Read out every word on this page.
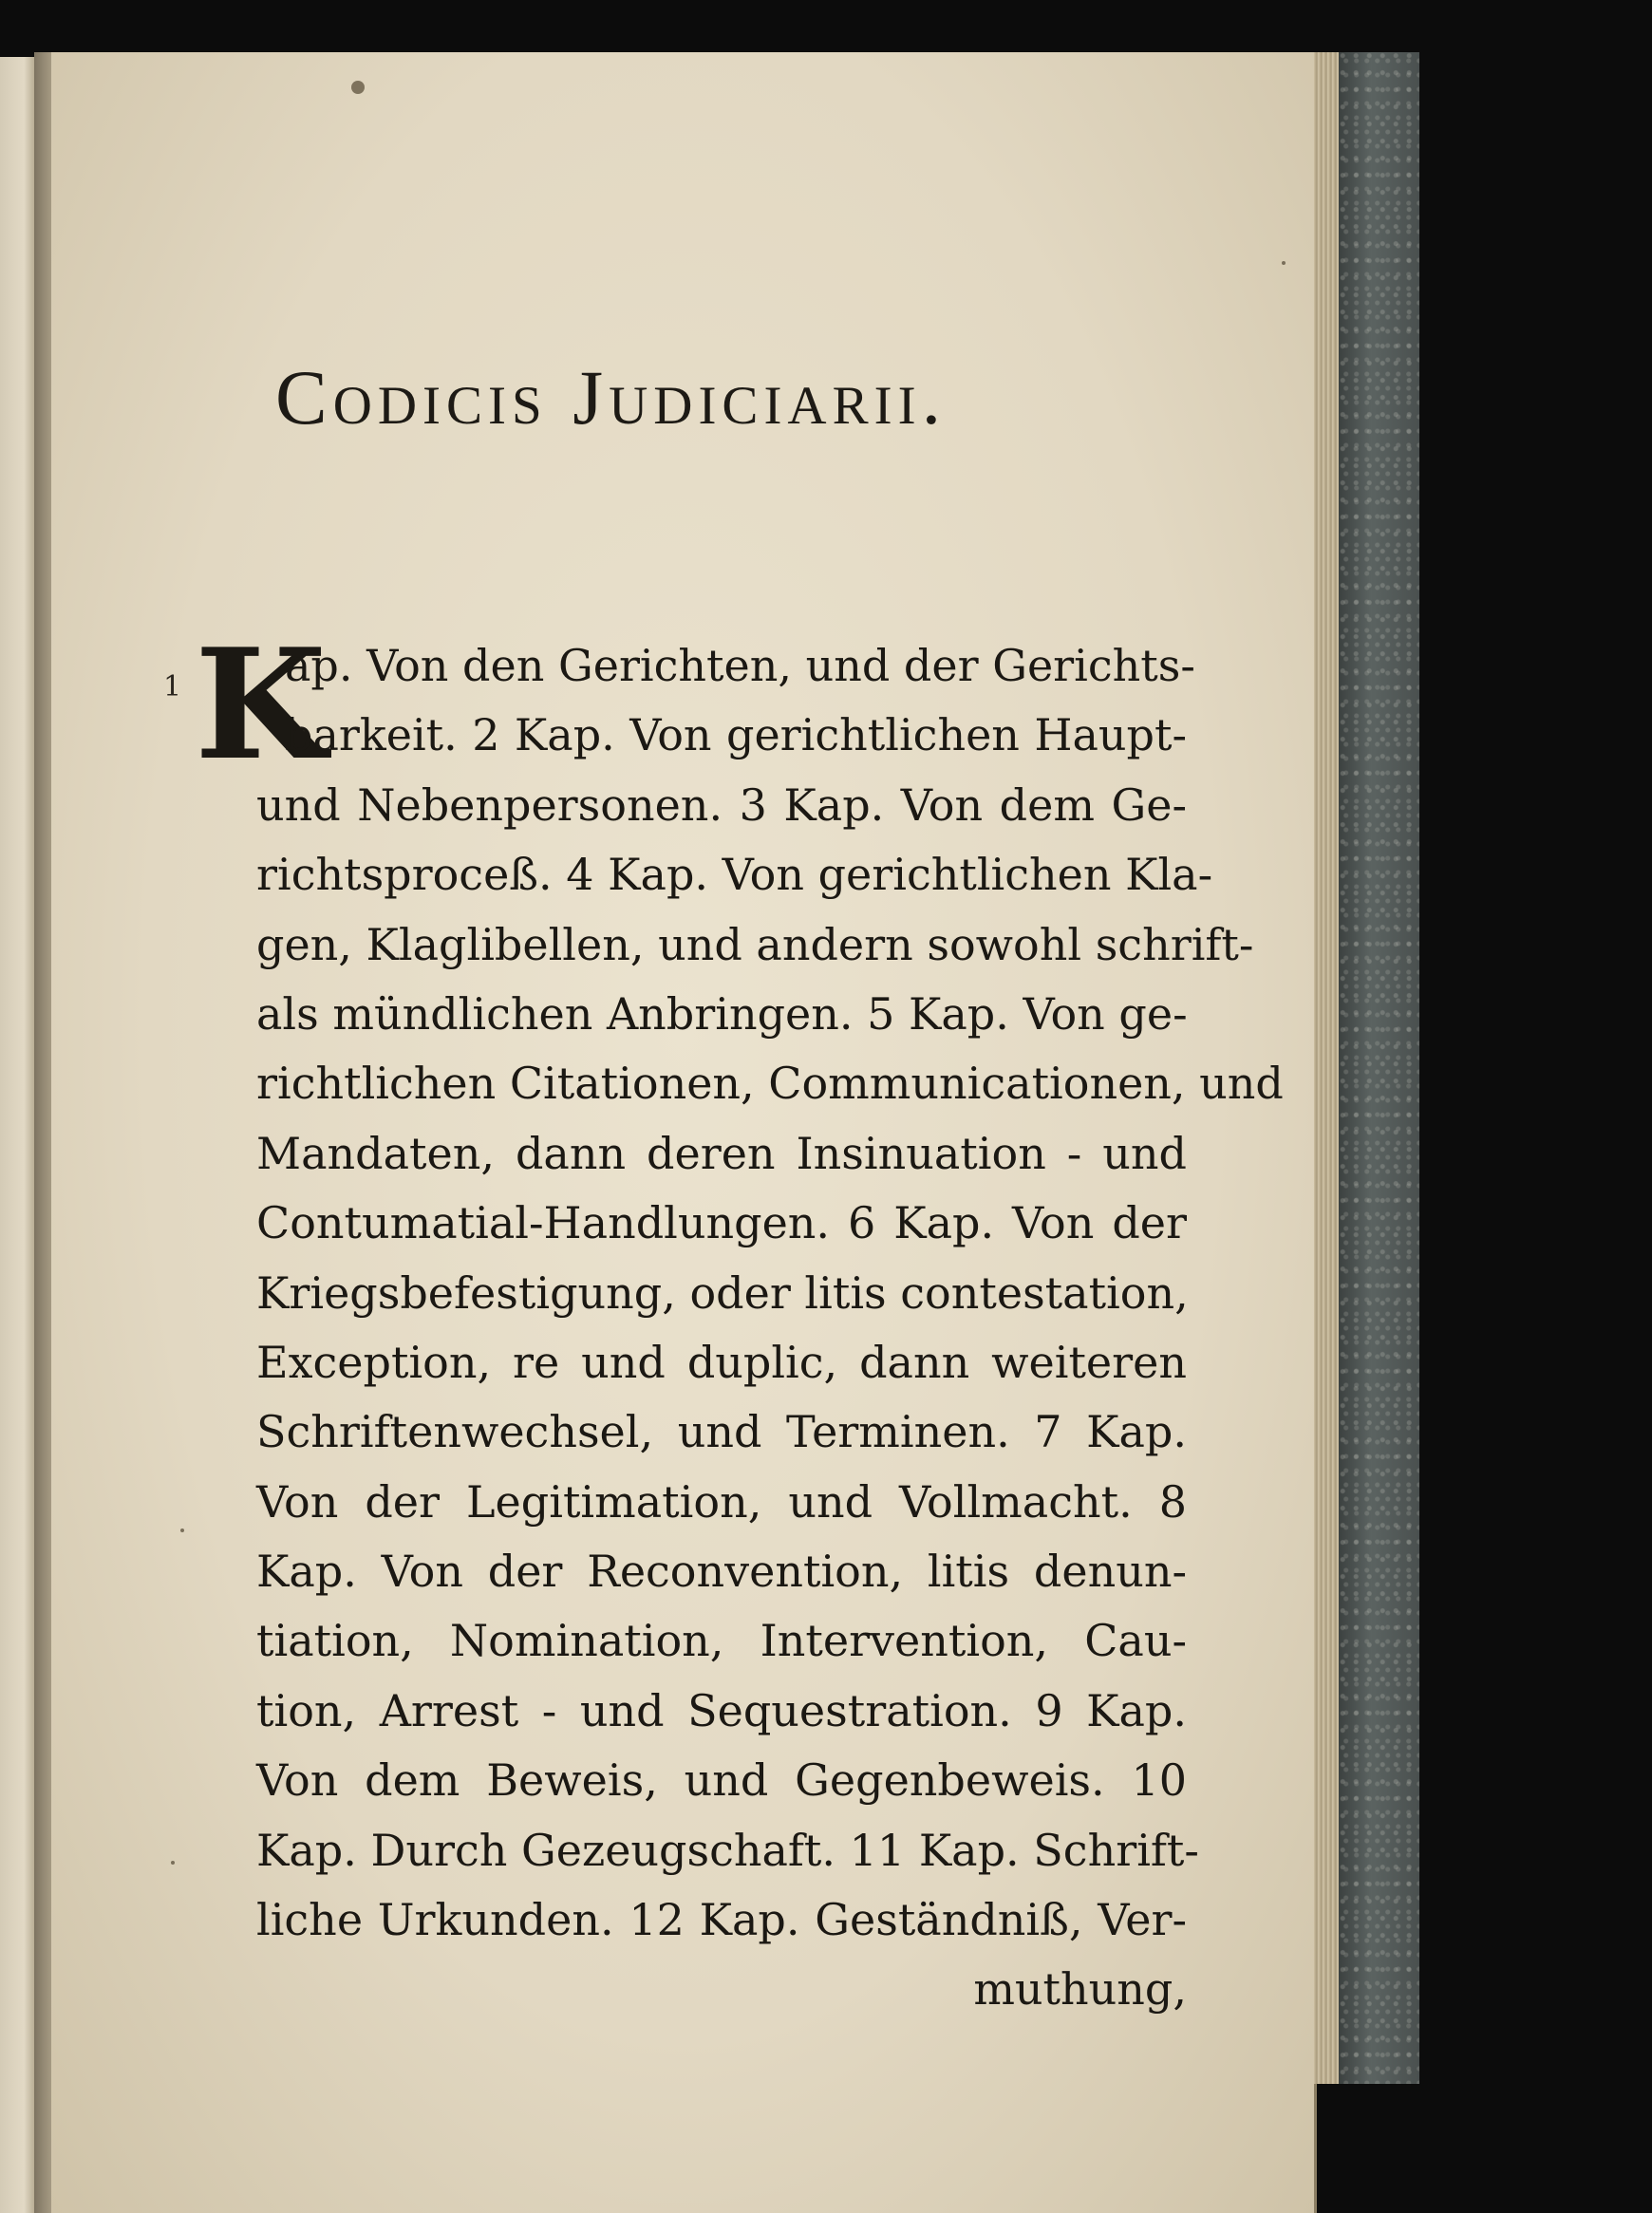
Codicis Judiciarii.
1 K
ap. Von den Gerichten, und der Gerichts-
barkeit. 2 Kap. Von gerichtlichen Haupt-
und Nebenpersonen. 3 Kap. Von dem Ge-
richtsproceß. 4 Kap. Von gerichtlichen Kla-
gen, Klaglibellen, und andern sowohl schrift-
als mündlichen Anbringen. 5 Kap. Von ge-
richtlichen Citationen, Communicationen, und
Mandaten, dann deren Insinuation - und
Contumatial-Handlungen. 6 Kap. Von der
Kriegsbefestigung, oder litis contestation,
Exception, re und duplic, dann weiteren
Schriftenwechsel, und Terminen. 7 Kap.
Von der Legitimation, und Vollmacht. 8
Kap. Von der Reconvention, litis denun-
tiation, Nomination, Intervention, Cau-
tion, Arrest - und Sequestration. 9 Kap.
Von dem Beweis, und Gegenbeweis. 10
Kap. Durch Gezeugschaft. 11 Kap. Schrift-
liche Urkunden. 12 Kap. Geständniß, Ver-
muthung,
